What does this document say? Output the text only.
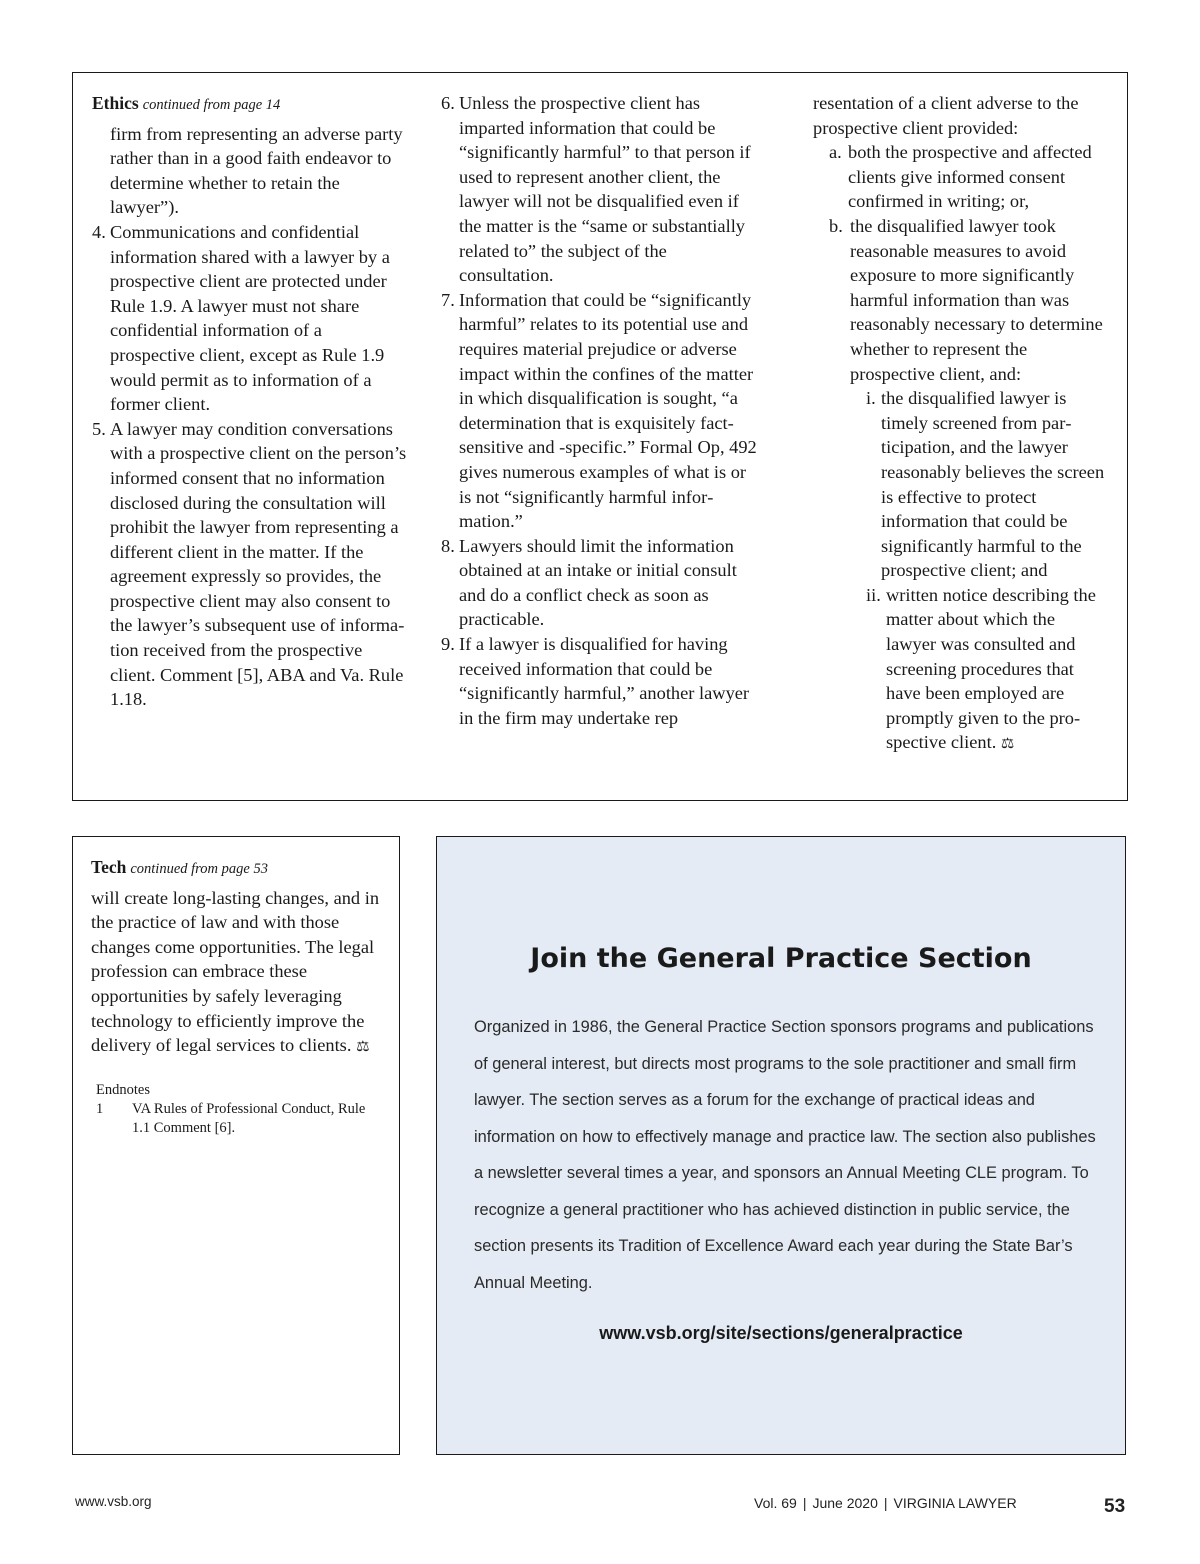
Ethics continued from page 14
firm from representing an adverse party rather than in a good faith endeavor to determine whether to retain the lawyer”).
4. Communications and confidential information shared with a lawyer by a prospective client are protected under Rule 1.9. A lawyer must not share confidential information of a prospective client, except as Rule 1.9 would permit as to information of a former client.
5. A lawyer may condition conversations with a prospective client on the person’s informed consent that no information disclosed during the consultation will prohibit the lawyer from representing a different client in the matter. If the agreement expressly so provides, the prospective client may also consent to the lawyer’s subsequent use of information received from the prospective client. Comment [5], ABA and Va. Rule 1.18.
6. Unless the prospective client has imparted information that could be “significantly harmful” to that person if used to represent another client, the lawyer will not be disqualified even if the matter is the “same or substantially related to” the subject of the consultation.
7. Information that could be “significantly harmful” relates to its potential use and requires material prejudice or adverse impact within the confines of the matter in which disqualification is sought, “a determination that is exquisitely fact-sensitive and -specific.” Formal Op, 492 gives numerous examples of what is or is not “significantly harmful information.”
8. Lawyers should limit the information obtained at an intake or initial consult and do a conflict check as soon as practicable.
9. If a lawyer is disqualified for having received information that could be “significantly harmful,” another lawyer in the firm may undertake rep
resentation of a client adverse to the prospective client provided:
a. both the prospective and affected clients give informed consent confirmed in writing; or,
b. the disqualified lawyer took reasonable measures to avoid exposure to more significantly harmful information than was reasonably necessary to determine whether to represent the prospective client, and:
i. the disqualified lawyer is timely screened from participation, and the lawyer reasonably believes the screen is effective to protect information that could be significantly harmful to the prospective client; and
ii. written notice describing the matter about which the lawyer was consulted and screening procedures that have been employed are promptly given to the prospective client. ⚖
Tech continued from page 53
will create long-lasting changes, and in the practice of law and with those changes come opportunities. The legal profession can embrace these opportunities by safely leveraging technology to efficiently improve the delivery of legal services to clients. ⚖
Endnotes
1 VA Rules of Professional Conduct, Rule 1.1 Comment [6].
Join the General Practice Section
Organized in 1986, the General Practice Section sponsors programs and publications of general interest, but directs most programs to the sole practitioner and small firm lawyer. The section serves as a forum for the exchange of practical ideas and information on how to effectively manage and practice law. The section also publishes a newsletter several times a year, and sponsors an Annual Meeting CLE program. To recognize a general practitioner who has achieved distinction in public service, the section presents its Tradition of Excellence Award each year during the State Bar’s Annual Meeting.
www.vsb.org/site/sections/generalpractice
www.vsb.org	Vol. 69 | June 2020 | VIRGINIA LAWYER	53
